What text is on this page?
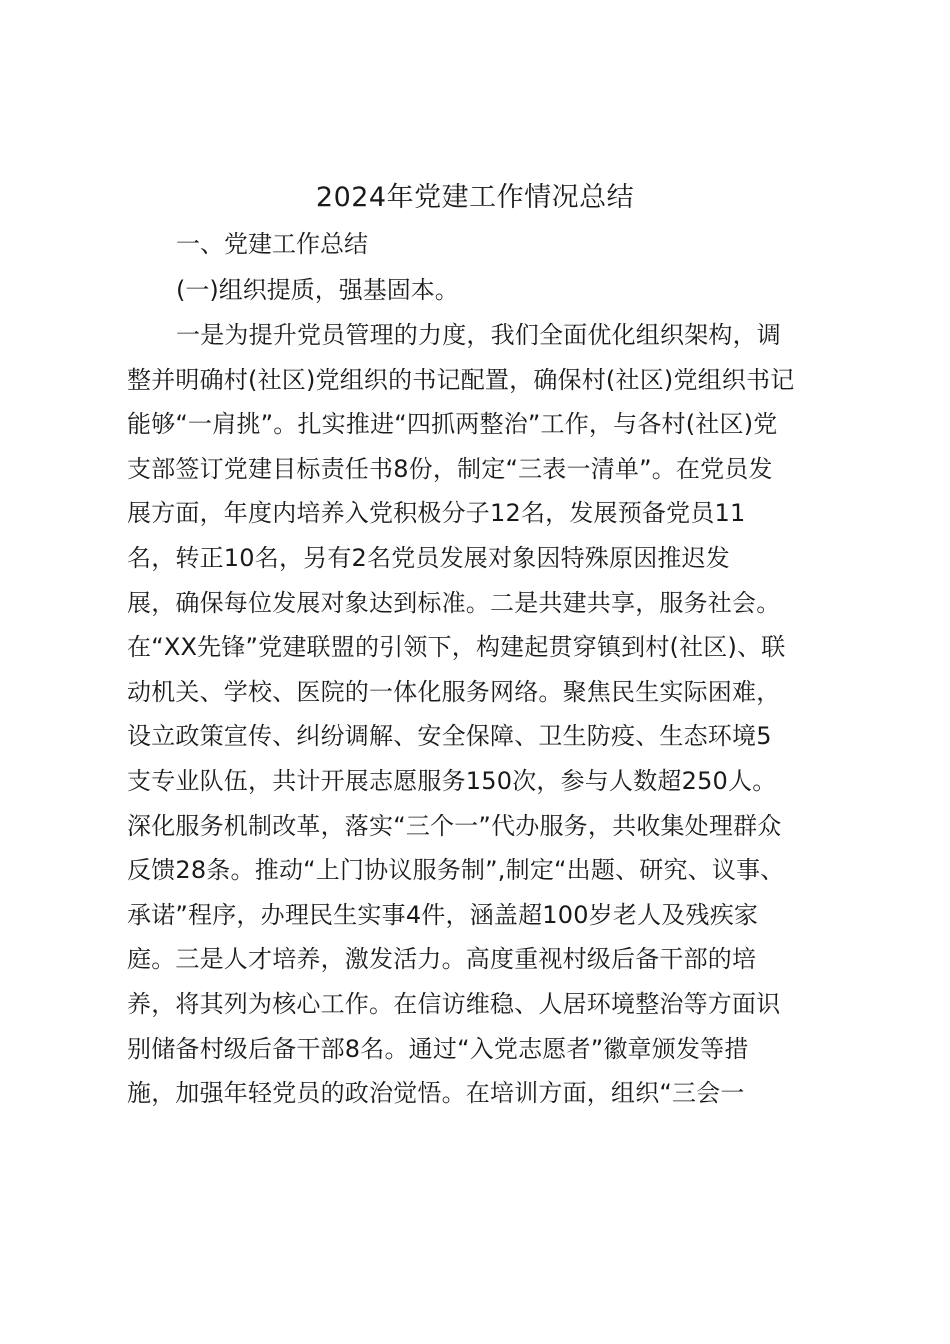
2024年党建工作情况总结

一、党建工作总结

(一)组织提质，强基固本。

一是为提升党员管理的力度，我们全面优化组织架构，调
整并明确村(社区)党组织的书记配置，确保村(社区)党组织书记
能够“一肩挑”。扎实推进“四抓两整治”工作，与各村(社区)党
支部签订党建目标责任书8份，制定“三表一清单”。在党员发
展方面，年度内培养入党积极分子12名，发展预备党员11
名，转正10名，另有2名党员发展对象因特殊原因推迟发
展，确保每位发展对象达到标准。二是共建共享，服务社会。
在“XX先锋”党建联盟的引领下，构建起贯穿镇到村(社区)、联
动机关、学校、医院的一体化服务网络。聚焦民生实际困难，
设立政策宣传、纠纷调解、安全保障、卫生防疫、生态环境5
支专业队伍，共计开展志愿服务150次，参与人数超250人。
深化服务机制改革，落实“三个一”代办服务，共收集处理群众
反馈28条。推动“上门协议服务制”,制定“出题、研究、议事、
承诺”程序，办理民生实事4件，涵盖超100岁老人及残疾家
庭。三是人才培养，激发活力。高度重视村级后备干部的培
养，将其列为核心工作。在信访维稳、人居环境整治等方面识
别储备村级后备干部8名。通过“入党志愿者”徽章颁发等措
施，加强年轻党员的政治觉悟。在培训方面，组织“三会一
